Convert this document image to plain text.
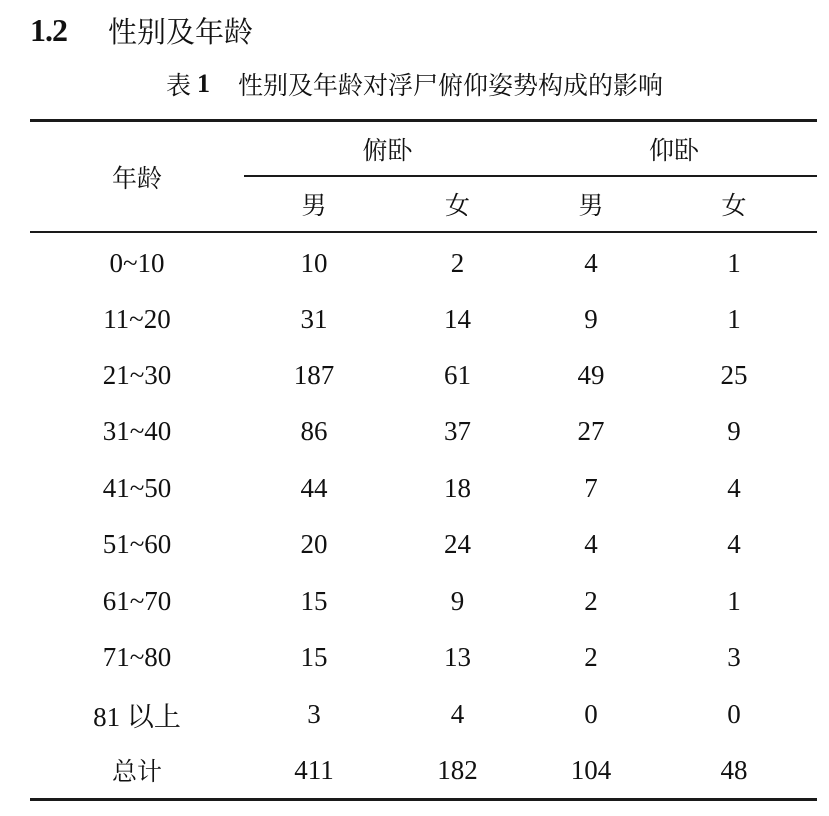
1.2	性别及年龄
表 1 性别及年龄对浮尸俯仰姿势构成的影响
年龄
俯卧	仰卧
男	女	男	女
0~10	10	2	4	1
11~20	31	14	9	1
21~30	187	61	49	25
31~40	86	37	27	9
41~50	44	18	7	4
51~60	20	24	4	4
61~70	15	9	2	1
71~80	15	13	2	3
81 以上	3	4	0	0
总计	411	182	104	48
